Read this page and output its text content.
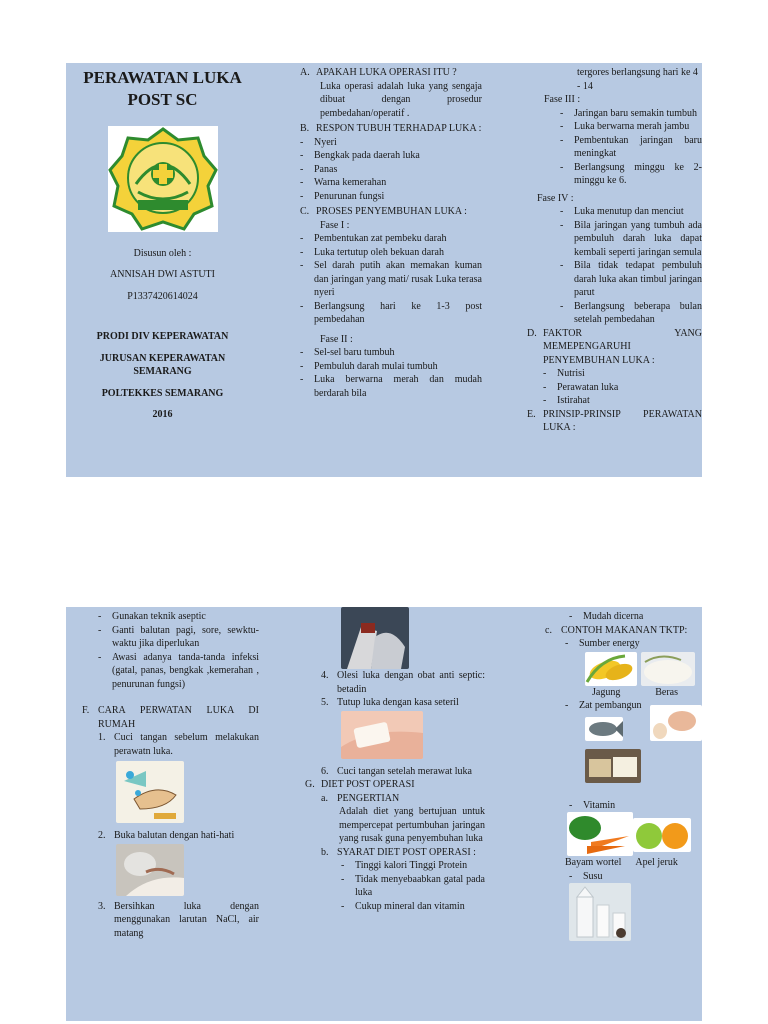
PERAWATAN LUKA
POST SC
Disusun oleh :
ANNISAH DWI ASTUTI
P1337420614024
PRODI DIV KEPERAWATAN
JURUSAN KEPERAWATAN SEMARANG
POLTEKKES SEMARANG
2016
A. APAKAH LUKA OPERASI ITU ?
Luka operasi adalah luka yang sengaja dibuat dengan prosedur pembedahan/operatif .
B. RESPON TUBUH TERHADAP LUKA :
-	Nyeri
-	Bengkak pada daerah luka
-	Panas
-	Warna kemerahan
-	Penurunan fungsi
C. PROSES PENYEMBUHAN LUKA :
Fase I :
-	Pembentukan zat pembeku darah
-	Luka tertutup oleh bekuan darah
-	Sel darah putih akan memakan kuman dan jaringan yang mati/ rusak Luka terasa nyeri
-	Berlangsung hari ke 1-3 post pembedahan
Fase II :
-	Sel-sel baru tumbuh
-	Pembuluh darah mulai tumbuh
-	Luka berwarna merah dan mudah berdarah bila
tergores berlangsung hari ke 4 - 14
Fase III :
-	Jaringan baru semakin tumbuh
-	Luka berwarna merah jambu
-	Pembentukan jaringan baru meningkat
-	Berlangsung minggu ke 2-minggu ke 6.
Fase IV :
-	Luka menutup dan menciut
-	Bila jaringan yang tumbuh ada pembuluh darah luka dapat kembali seperti jaringan semula
-	Bila tidak tedapat pembuluh darah luka akan timbul jaringan parut
-	Berlangsung beberapa bulan setelah pembedahan
D. FAKTOR YANG MEMEPENGARUHI PENYEMBUHAN LUKA :
-	Nutrisi
-	Perawatan luka
-	Istirahat
E. PRINSIP-PRINSIP PERAWATAN LUKA :
-	Gunakan teknik aseptic
-	Ganti balutan pagi, sore, sewktu-waktu jika diperlukan
-	Awasi adanya tanda-tanda infeksi (gatal, panas, bengkak ,kemerahan , penurunan fungsi)
F. CARA PERWATAN LUKA DI RUMAH
1. Cuci tangan sebelum melakukan perawatn luka.
2. Buka balutan dengan hati-hati
3. Bersihkan luka dengan menggunakan larutan NaCl, air matang
4. Olesi luka dengan obat anti septic: betadin
5. Tutup luka dengan kasa seteril
6. Cuci tangan setelah merawat luka
G. DIET POST OPERASI
a. PENGERTIAN
Adalah diet yang bertujuan untuk mempercepat pertumbuhan jaringan yang rusak guna penyembuhan luka
b. SYARAT DIET POST OPERASI :
-	Tinggi kalori Tinggi Protein
-	Tidak menyebaabkan gatal pada luka
-	Cukup mineral dan vitamin
-	Mudah dicerna
c. CONTOH MAKANAN TKTP:
-	Sumber energy
Jagung	Beras
-	Zat pembangun
-	Vitamin
Bayam wortel Apel jeruk
-	Susu
